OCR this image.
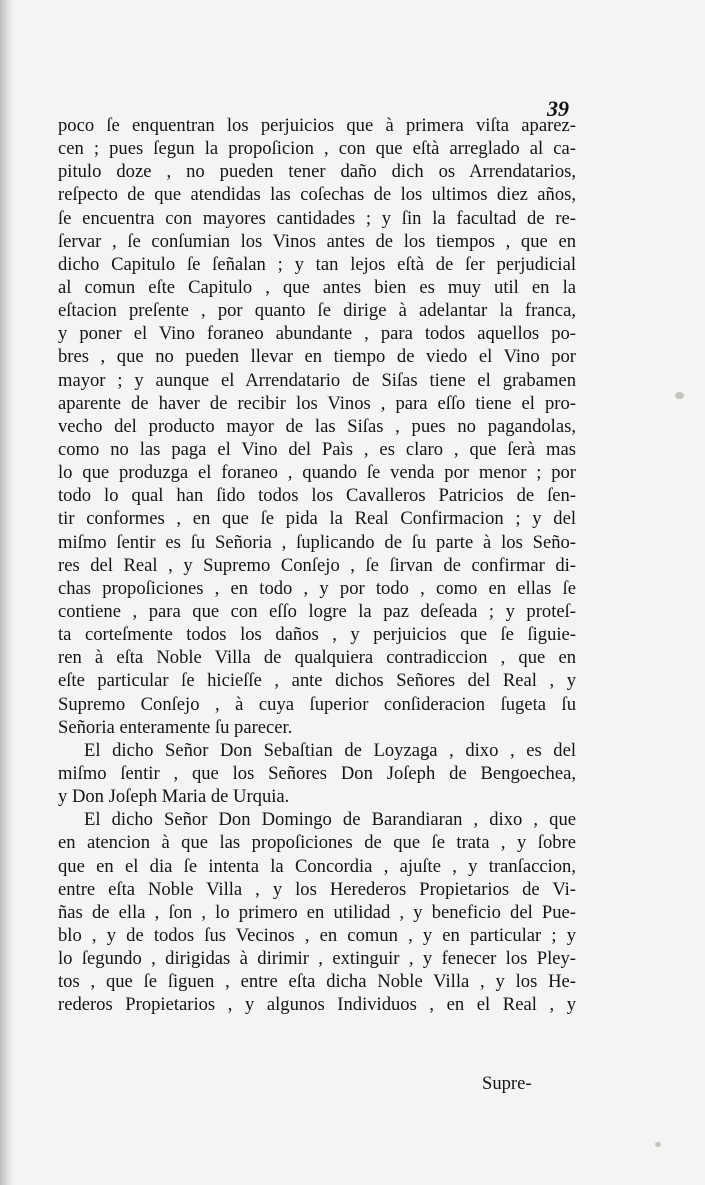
39
poco ſe enquentran los perjuicios que à primera viſta aparez-
cen ; pues ſegun la propoſicion , con que eſtà arreglado al ca-
pitulo doze , no pueden tener daño dich os Arrendatarios,
reſpecto de que atendidas las coſechas de los ultimos diez años,
ſe encuentra con mayores cantidades ; y ſin la facultad de re-
ſervar , ſe conſumian los Vinos antes de los tiempos , que en
dicho Capitulo ſe ſeñalan ; y tan lejos eſtà de ſer perjudicial
al comun eſte Capitulo , que antes bien es muy util en la
eſtacion preſente , por quanto ſe dirige à adelantar la franca,
y poner el Vino foraneo abundante , para todos aquellos po-
bres , que no pueden llevar en tiempo de viedo el Vino por
mayor ; y aunque el Arrendatario de Siſas tiene el grabamen
aparente de haver de recibir los Vinos , para eſſo tiene el pro-
vecho del producto mayor de las Siſas , pues no pagandolas,
como no las paga el Vino del Paìs , es claro , que ſerà mas
lo que produzga el foraneo , quando ſe venda por menor ; por
todo lo qual han ſido todos los Cavalleros Patricios de ſen-
tir conformes , en que ſe pida la Real Confirmacion ; y del
miſmo ſentir es ſu Señoria , ſuplicando de ſu parte à los Seño-
res del Real , y Supremo Conſejo , ſe ſirvan de confirmar di-
chas propoſiciones , en todo , y por todo , como en ellas ſe
contiene , para que con eſſo logre la paz deſeada ; y proteſ-
ta corteſmente todos los daños , y perjuicios que ſe ſiguie-
ren à eſta Noble Villa de qualquiera contradiccion , que en
eſte particular ſe hicieſſe , ante dichos Señores del Real , y
Supremo Conſejo , à cuya ſuperior conſideracion ſugeta ſu
Señoria enteramente ſu parecer.
El dicho Señor Don Sebaſtian de Loyzaga , dixo , es del
miſmo ſentir , que los Señores Don Joſeph de Bengoechea,
y Don Joſeph Maria de Urquia.
El dicho Señor Don Domingo de Barandiaran , dixo , que
en atencion à que las propoſiciones de que ſe trata , y ſobre
que en el dia ſe intenta la Concordia , ajuſte , y tranſaccion,
entre eſta Noble Villa , y los Herederos Propietarios de Vi-
ñas de ella , ſon , lo primero en utilidad , y beneficio del Pue-
blo , y de todos ſus Vecinos , en comun , y en particular ; y
lo ſegundo , dirigidas à dirimir , extinguir , y fenecer los Pley-
tos , que ſe ſiguen , entre eſta dicha Noble Villa , y los He-
rederos Propietarios , y algunos Individuos , en el Real , y
Supre-
